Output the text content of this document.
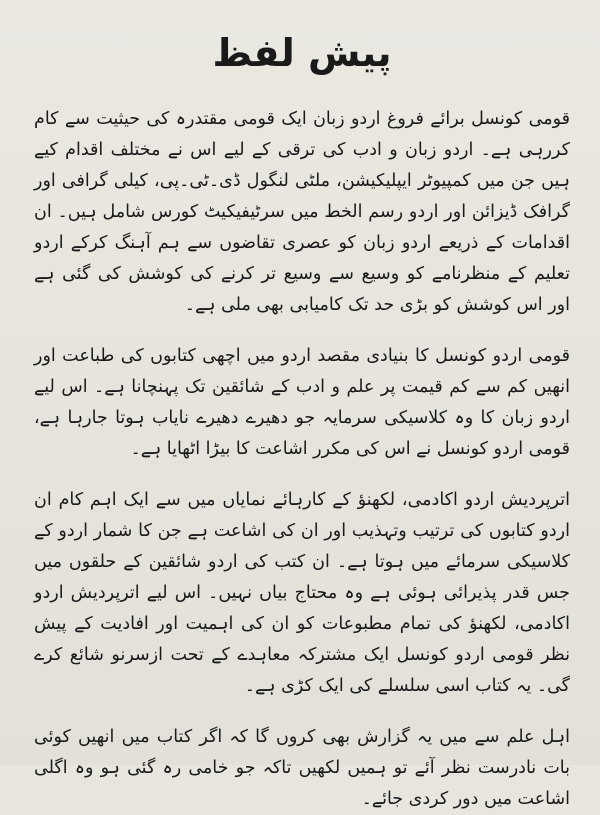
پیش لفظ

قومی کونسل برائے فروغ اردو زبان ایک قومی مقتدرہ کی حیثیت سے کام کررہی ہے۔ اردو زبان و ادب کی ترقی کے لیے اس نے مختلف اقدام کیے ہیں جن میں کمپیوٹر ایپلیکیشن، ملٹی لنگول ڈی۔ٹی۔پی، کیلی گرافی اور گرافک ڈیزائن اور اردو رسم الخط میں سرٹیفیکیٹ کورس شامل ہیں۔ ان اقدامات کے ذریعے اردو زبان کو عصری تقاضوں سے ہم آہنگ کرکے اردو تعلیم کے منظرنامے کو وسیع سے وسیع تر کرنے کی کوشش کی گئی ہے اور اس کوشش کو بڑی حد تک کامیابی بھی ملی ہے۔

قومی اردو کونسل کا بنیادی مقصد اردو میں اچھی کتابوں کی طباعت اور انھیں کم سے کم قیمت پر علم و ادب کے شائقین تک پہنچانا ہے۔ اس لیے اردو زبان کا وہ کلاسیکی سرمایہ جو دھیرے دھیرے نایاب ہوتا جارہا ہے، قومی اردو کونسل نے اس کی مکرر اشاعت کا بیڑا اٹھایا ہے۔

اترپردیش اردو اکادمی، لکھنؤ کے کارہائے نمایاں میں سے ایک اہم کام ان اردو کتابوں کی ترتیب وتہذیب اور ان کی اشاعت ہے جن کا شمار اردو کے کلاسیکی سرمائے میں ہوتا ہے۔ ان کتب کی اردو شائقین کے حلقوں میں جس قدر پذیرائی ہوئی ہے وہ محتاج بیاں نہیں۔ اس لیے اترپردیش اردو اکادمی، لکھنؤ کی تمام مطبوعات کو ان کی اہمیت اور افادیت کے پیش نظر قومی اردو کونسل ایک مشترکہ معاہدے کے تحت ازسرنو شائع کرے گی۔ یہ کتاب اسی سلسلے کی ایک کڑی ہے۔

اہل علم سے میں یہ گزارش بھی کروں گا کہ اگر کتاب میں انھیں کوئی بات نادرست نظر آئے تو ہمیں لکھیں تاکہ جو خامی رہ گئی ہو وہ اگلی اشاعت میں دور کردی جائے۔
